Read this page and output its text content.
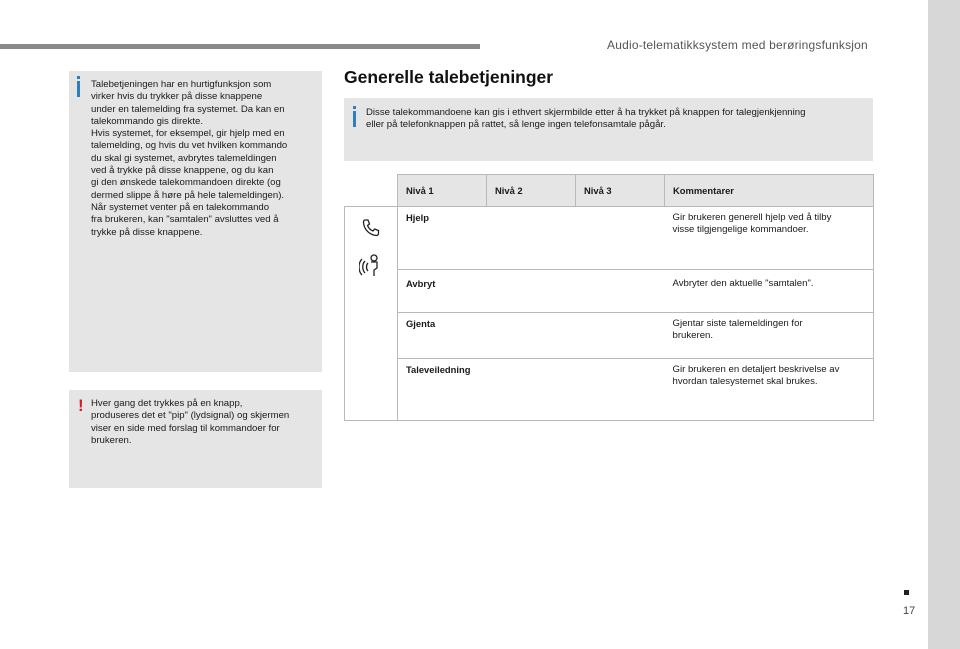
Audio-telematikksystem med berøringsfunksjon

Talebetjeningen har en hurtigfunksjon som
virker hvis du trykker på disse knappene
under en talemelding fra systemet. Da kan en
talekommando gis direkte.
Hvis systemet, for eksempel, gir hjelp med en
talemelding, og hvis du vet hvilken kommando
du skal gi systemet, avbrytes talemeldingen
ved å trykke på disse knappene, og du kan
gi den ønskede talekommandoen direkte (og
dermed slippe å høre på hele talemeldingen).
Når systemet venter på en talekommando
fra brukeren, kan "samtalen" avsluttes ved å
trykke på disse knappene.

! Hver gang det trykkes på en knapp,
produseres det et "pip" (lydsignal) og skjermen
viser en side med forslag til kommandoer for
brukeren.

Generelle talebetjeninger

Disse talekommandoene kan gis i ethvert skjermbilde etter å ha trykket på knappen for talegjenkjenning
eller på telefonknappen på rattet, så lenge ingen telefonsamtale pågår.

	Nivå 1	Nivå 2	Nivå 3	Kommentarer

	Hjelp			Gir brukeren generell hjelp ved å tilby
visse tilgjengelige kommandoer.
	Avbryt			Avbryter den aktuelle "samtalen".
	Gjenta			Gjentar siste talemeldingen for
brukeren.
	Taleveiledning			Gir brukeren en detaljert beskrivelse av
hvordan talesystemet skal brukes.
17
